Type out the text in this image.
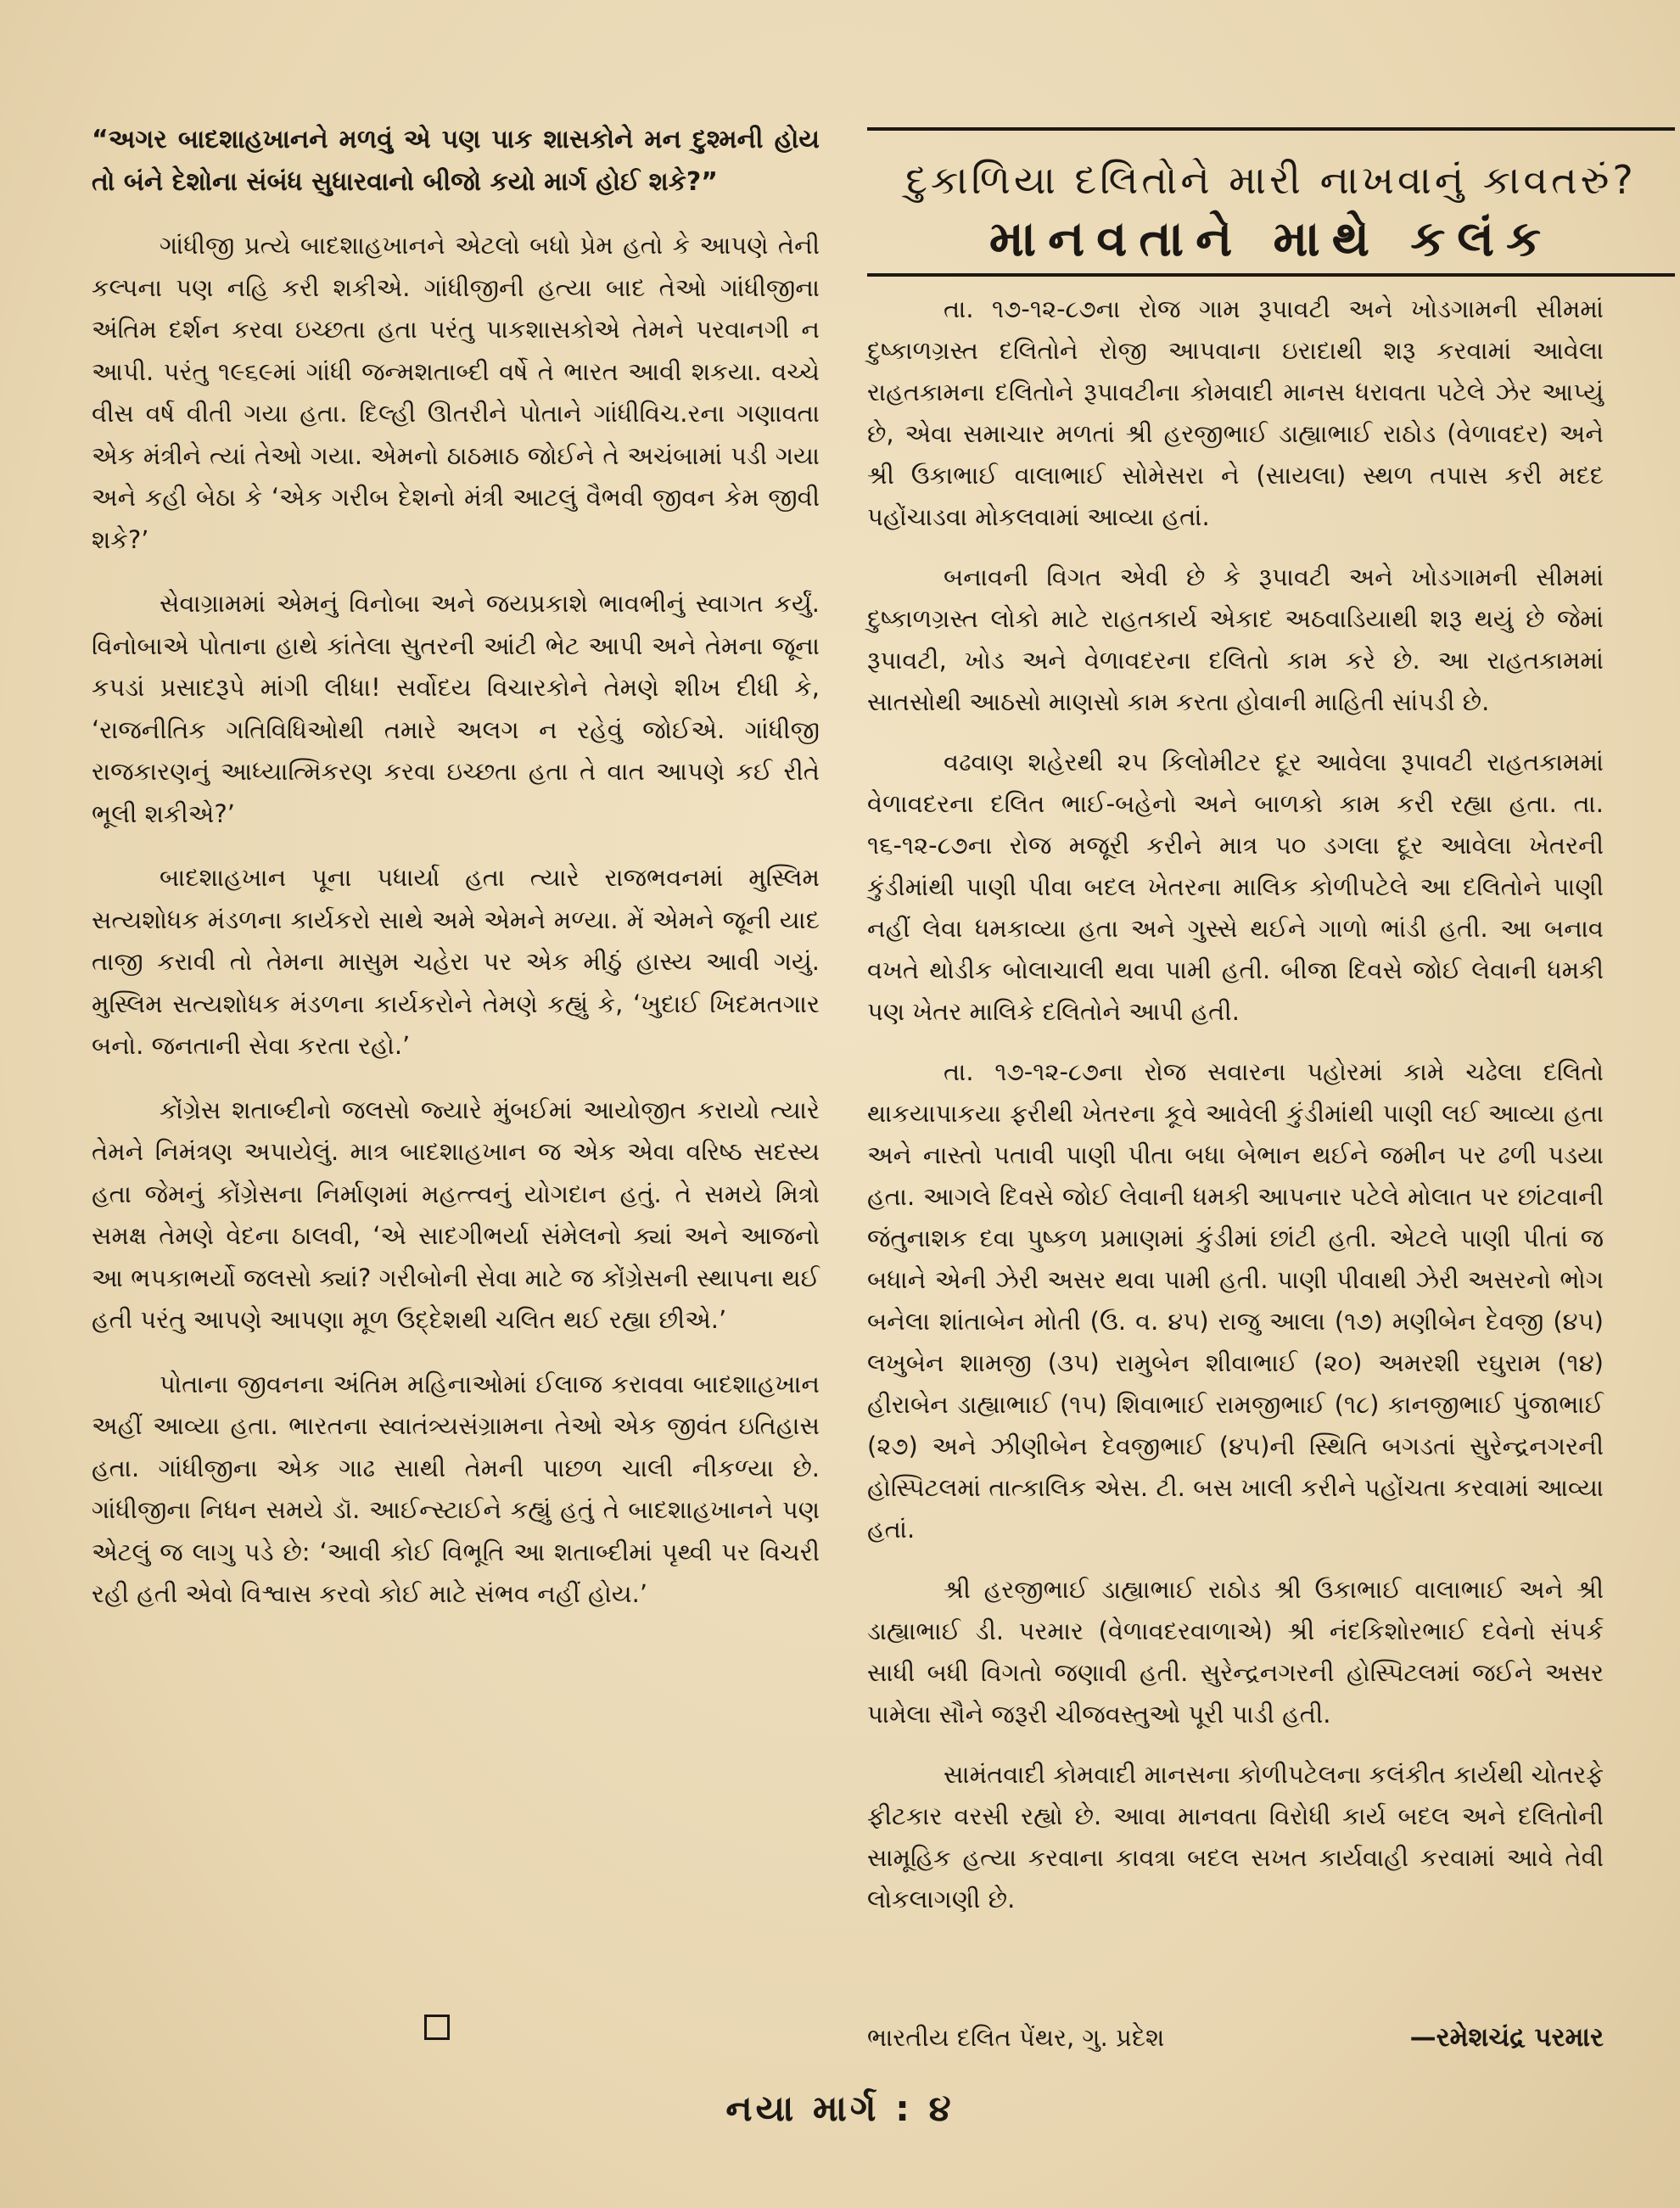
“અગર બાદશાહખાનને મળવું એ પણ પાક શાસકોને મન દુશ્મની હોય તો બંને દેશોના સંબંધ સુધારવાનો બીજો કયો માર્ગ હોઈ શકે?”

ગાંધીજી પ્રત્યે બાદશાહખાનને એટલો બધો પ્રેમ હતો કે આપણે તેની કલ્પના પણ નહિ કરી શકીએ. ગાંધીજીની હત્યા બાદ તેઓ ગાંધીજીના અંતિમ દર્શન કરવા ઇચ્છતા હતા પરંતુ પાકશાસકોએ તેમને પરવાનગી ન આપી. પરંતુ ૧૯૬૯માં ગાંધી જન્મશતાબ્દી વર્ષે તે ભારત આવી શકયા. વચ્ચે વીસ વર્ષ વીતી ગયા હતા. દિલ્હી ઊતરીને પોતાને ગાંધીવિચ.રના ગણાવતા એક મંત્રીને ત્યાં તેઓ ગયા. એમનો ઠાઠમાઠ જોઈને તે અચંબામાં પડી ગયા અને કહી બેઠા કે ‘એક ગરીબ દેશનો મંત્રી આટલું વૈભવી જીવન કેમ જીવી શકે?’

સેવાગ્રામમાં એમનું વિનોબા અને જયપ્રકાશે ભાવભીનું સ્વાગત કર્યું. વિનોબાએ પોતાના હાથે કાંતેલા સુતરની આંટી ભેટ આપી અને તેમના જૂના કપડાં પ્રસાદરૂપે માંગી લીધા! સર્વોદય વિચારકોને તેમણે શીખ દીધી કે, ‘રાજનીતિક ગતિવિધિઓથી તમારે અલગ ન રહેવું જોઈએ. ગાંધીજી રાજકારણનું આધ્યાત્મિકરણ કરવા ઇચ્છતા હતા તે વાત આપણે કઈ રીતે ભૂલી શકીએ?’

બાદશાહખાન પૂના પધાર્યા હતા ત્યારે રાજભવનમાં મુસ્લિમ સત્યશોધક મંડળના કાર્યકરો સાથે અમે એમને મળ્યા. મેં એમને જૂની યાદ તાજી કરાવી તો તેમના માસુમ ચહેરા પર એક મીઠું હાસ્ય આવી ગયું. મુસ્લિમ સત્યશોધક મંડળના કાર્યકરોને તેમણે કહ્યું કે, ‘ખુદાઈ ખિદમતગાર બનો. જનતાની સેવા કરતા રહો.’

કોંગ્રેસ શતાબ્દીનો જલસો જ્યારે મુંબઈમાં આયોજીત કરાયો ત્યારે તેમને નિમંત્રણ અપાયેલું. માત્ર બાદશાહખાન જ એક એવા વરિષ્ઠ સદસ્ય હતા જેમનું કોંગ્રેસના નિર્માણમાં મહત્ત્વનું યોગદાન હતું. તે સમયે મિત્રો સમક્ષ તેમણે વેદના ઠાલવી, ‘એ સાદગીભર્યા સંમેલનો ક્યાં અને આજનો આ ભપકાભર્યો જલસો ક્યાં? ગરીબોની સેવા માટે જ કોંગ્રેસની સ્થાપના થઈ હતી પરંતુ આપણે આપણા મૂળ ઉદ્દેશથી ચલિત થઈ રહ્યા છીએ.’

પોતાના જીવનના અંતિમ મહિનાઓમાં ઈલાજ કરાવવા બાદશાહખાન અહીં આવ્યા હતા. ભારતના સ્વાતંત્ર્યસંગ્રામના તેઓ એક જીવંત ઇતિહાસ હતા. ગાંધીજીના એક ગાઢ સાથી તેમની પાછળ ચાલી નીકળ્યા છે. ગાંધીજીના નિધન સમયે ડૉ. આઈન્સ્ટાઈને કહ્યું હતું તે બાદશાહખાનને પણ એટલું જ લાગુ પડે છે: ‘આવી કોઈ વિભૂતિ આ શતાબ્દીમાં પૃથ્વી પર વિચરી રહી હતી એવો વિશ્વાસ કરવો કોઈ માટે સંભવ નહીં હોય.’

દુકાળિયા દલિતોને મારી નાખવાનું કાવતરું?
માનવતાને માથે કલંક

તા. ૧૭-૧૨-૮૭ના રોજ ગામ રૂપાવટી અને ખોડગામની સીમમાં દુષ્કાળગ્રસ્ત દલિતોને રોજી આપવાના ઇરાદાથી શરૂ કરવામાં આવેલા રાહતકામના દલિતોને રૂપાવટીના કોમવાદી માનસ ધરાવતા પટેલે ઝેર આપ્યું છે, એવા સમાચાર મળતાં શ્રી હરજીભાઈ ડાહ્યાભાઈ રાઠોડ (વેળાવદર) અને શ્રી ઉકાભાઈ વાલાભાઈ સોમેસરા ને (સાયલા) સ્થળ તપાસ કરી મદદ પહોંચાડવા મોકલવામાં આવ્યા હતાં.

બનાવની વિગત એવી છે કે રૂપાવટી અને ખોડગામની સીમમાં દુષ્કાળગ્રસ્ત લોકો માટે રાહતકાર્ય એકાદ અઠવાડિયાથી શરૂ થયું છે જેમાં રૂપાવટી, ખોડ અને વેળાવદરના દલિતો કામ કરે છે. આ રાહતકામમાં સાતસોથી આઠસો માણસો કામ કરતા હોવાની માહિતી સાંપડી છે.

વઢવાણ શહેરથી ૨૫ કિલોમીટર દૂર આવેલા રૂપાવટી રાહતકામમાં વેળાવદરના દલિત ભાઈ-બહેનો અને બાળકો કામ કરી રહ્યા હતા. તા. ૧૬-૧૨-૮૭ના રોજ મજૂરી કરીને માત્ર ૫૦ ડગલા દૂર આવેલા ખેતરની કુંડીમાંથી પાણી પીવા બદલ ખેતરના માલિક કોળીપટેલે આ દલિતોને પાણી નહીં લેવા ધમકાવ્યા હતા અને ગુસ્સે થઈને ગાળો ભાંડી હતી. આ બનાવ વખતે થોડીક બોલાચાલી થવા પામી હતી. બીજા દિવસે જોઈ લેવાની ધમકી પણ ખેતર માલિકે દલિતોને આપી હતી.

તા. ૧૭-૧૨-૮૭ના રોજ સવારના પહોરમાં કામે ચઢેલા દલિતો થાકયાપાકયા ફરીથી ખેતરના કૂવે આવેલી કુંડીમાંથી પાણી લઈ આવ્યા હતા અને નાસ્તો પતાવી પાણી પીતા બધા બેભાન થઈને જમીન પર ઢળી પડયા હતા. આગલે દિવસે જોઈ લેવાની ધમકી આપનાર પટેલે મોલાત પર છાંટવાની જંતુનાશક દવા પુષ્કળ પ્રમાણમાં કુંડીમાં છાંટી હતી. એટલે પાણી પીતાં જ બધાને એની ઝેરી અસર થવા પામી હતી. પાણી પીવાથી ઝેરી અસરનો ભોગ બનેલા શાંતાબેન મોતી (ઉ. વ. ૪૫) રાજુ આલા (૧૭) મણીબેન દેવજી (૪૫) લખુબેન શામજી (૩૫) રામુબેન શીવાભાઈ (૨૦) અમરશી રઘુરામ (૧૪) હીરાબેન ડાહ્યાભાઈ (૧૫) શિવાભાઈ રામજીભાઈ (૧૮) કાનજીભાઈ પુંજાભાઈ (૨૭) અને ઝીણીબેન દેવજીભાઈ (૪૫)ની સ્થિતિ બગડતાં સુરેન્દ્રનગરની હોસ્પિટલમાં તાત્કાલિક એસ. ટી. બસ ખાલી કરીને પહોંચતા કરવામાં આવ્યા હતાં.

શ્રી હરજીભાઈ ડાહ્યાભાઈ રાઠોડ શ્રી ઉકાભાઈ વાલાભાઈ અને શ્રી ડાહ્યાભાઈ ડી. પરમાર (વેળાવદરવાળાએ) શ્રી નંદકિશોરભાઈ દવેનો સંપર્ક સાધી બધી વિગતો જણાવી હતી. સુરેન્દ્રનગરની હોસ્પિટલમાં જઈને અસર પામેલા સૌને જરૂરી ચીજવસ્તુઓ પૂરી પાડી હતી.

સામંતવાદી કોમવાદી માનસના કોળીપટેલના કલંકીત કાર્યથી ચોતરફે ફીટકાર વરસી રહ્યો છે. આવા માનવતા વિરોધી કાર્ય બદલ અને દલિતોની સામૂહિક હત્યા કરવાના કાવત્રા બદલ સખત કાર્યવાહી કરવામાં આવે તેવી લોકલાગણી છે.

ભારતીય દલિત પેંથર, ગુ. પ્રદેશ	—રમેશચંદ્ર પરમાર
નયા માર્ગ : ૪
